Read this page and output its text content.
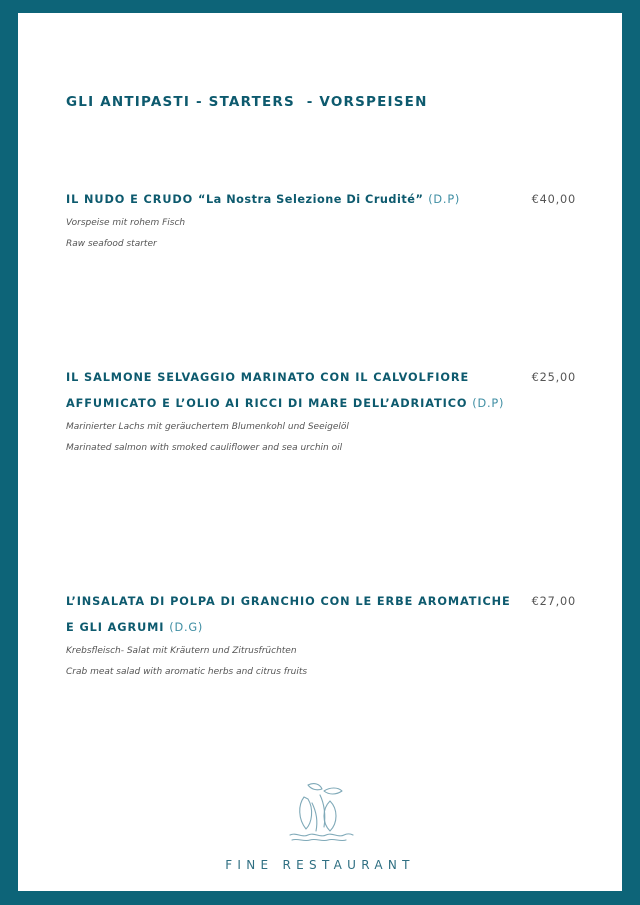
GLI ANTIPASTI - STARTERS  - VORSPEISEN
IL NUDO E CRUDO “La Nostra Selezione Di Crudité” (D.P)	€40,00
Vorspeise mit rohem Fisch
Raw seafood starter
IL SALMONE SELVAGGIO MARINATO CON IL CALVOLFIORE
AFFUMICATO E L’OLIO AI RICCI DI MARE DELL’ADRIATICO (D.P)
€25,00
Marinierter Lachs mit geräuchertem Blumenkohl und Seeigelöl
Marinated salmon with smoked cauliflower and sea urchin oil
L’INSALATA DI POLPA DI GRANCHIO CON LE ERBE AROMATICHE
E GLI AGRUMI (D.G)
€27,00
Krebsfleisch- Salat mit Kräutern und Zitrusfrüchten
Crab meat salad with aromatic herbs and citrus fruits
FINE RESTAURANT
